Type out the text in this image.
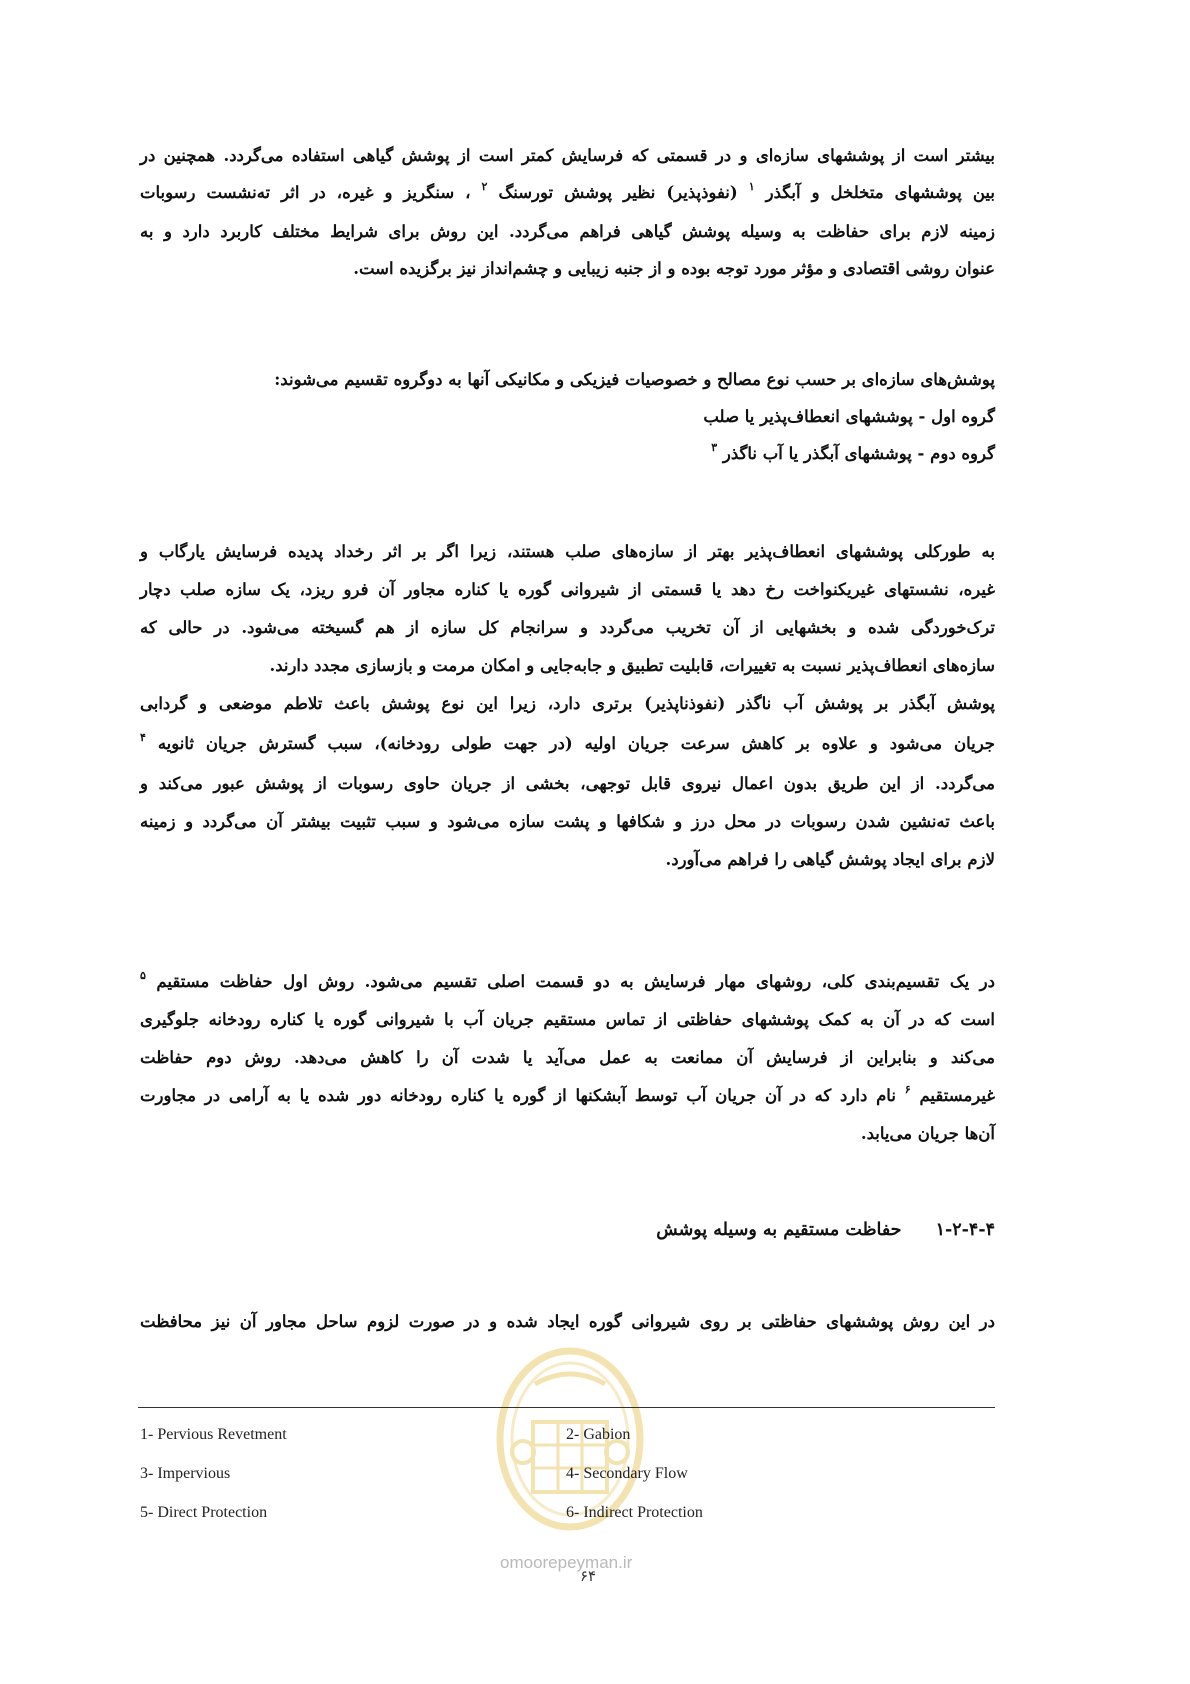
بیشتر است از پوششهای سازه‌ای و در قسمتی که فرسایش کمتر است از پوشش گیاهی استفاده می‌گردد. همچنین در
بین پوششهای متخلخل و آبگذر $^۱$ (نفوذپذیر) نظیر پوشش تورسنگ $^۲$ ، سنگریز و غیره، در اثر ته‌نشست رسوبات
زمینه لازم برای حفاظت به وسیله پوشش گیاهی فراهم می‌گردد. این روش برای شرایط مختلف کاربرد دارد و به
عنوان روشی اقتصادی و مؤثر مورد توجه بوده و از جنبه زیبایی و چشم‌انداز نیز برگزیده است.
پوشش‌های سازه‌ای بر حسب نوع مصالح و خصوصیات فیزیکی و مکانیکی آنها به دوگروه تقسیم می‌شوند:
گروه اول - پوششهای انعطاف‌پذیر یا صلب
گروه دوم - پوششهای آبگذر یا آب ناگذر $^۳$
به طورکلی پوششهای انعطاف‌پذیر بهتر از سازه‌های صلب هستند، زیرا اگر بر اثر رخداد پدیده فرسایش یارگاب و
غیره، نشستهای غیریکنواخت رخ دهد یا قسمتی از شیروانی گوره یا کناره مجاور آن فرو ریزد، یک سازه صلب دچار
ترک‌خوردگی شده و بخشهایی از آن تخریب می‌گردد و سرانجام کل سازه از هم گسیخته می‌شود. در حالی که
سازه‌های انعطاف‌پذیر نسبت به تغییرات، قابلیت تطبیق و جابه‌جایی و امکان مرمت و بازسازی مجدد دارند.
پوشش آبگذر بر پوشش آب ناگذر (نفوذناپذیر) برتری دارد، زیرا این نوع پوشش باعث تلاطم موضعی و گردابی
جریان می‌شود و علاوه بر کاهش سرعت جریان اولیه (در جهت طولی رودخانه)، سبب گسترش جریان ثانویه $^۴$
می‌گردد. از این طریق بدون اعمال نیروی قابل توجهی، بخشی از جریان حاوی رسوبات از پوشش عبور می‌کند و
باعث ته‌نشین شدن رسوبات در محل درز و شکافها و پشت سازه می‌شود و سبب تثبیت بیشتر آن می‌گردد و زمینه
لازم برای ایجاد پوشش گیاهی را فراهم می‌آورد.
در یک تقسیم‌بندی کلی، روشهای مهار فرسایش به دو قسمت اصلی تقسیم می‌شود. روش اول حفاظت مستقیم $^۵$
است که در آن به کمک پوششهای حفاظتی از تماس مستقیم جریان آب با شیروانی گوره یا کناره رودخانه جلوگیری
می‌کند و بنابراین از فرسایش آن ممانعت به عمل می‌آید یا شدت آن را کاهش می‌دهد. روش دوم حفاظت
غیرمستقیم $^۶$ نام دارد که در آن جریان آب توسط آبشکنها از گوره یا کناره رودخانه دور شده یا به آرامی در مجاورت
آن‌ها جریان می‌یابد.
۱-۲-۴-۴ حفاظت مستقیم به وسیله پوشش
در این روش پوششهای حفاظتی بر روی شیروانی گوره ایجاد شده و در صورت لزوم ساحل مجاور آن نیز محافظت
1- Pervious Revetment	2- Gabion
3- Impervious	4- Secondary Flow
5- Direct Protection	6- Indirect Protection
omoorepeyman.ir
۶۴
